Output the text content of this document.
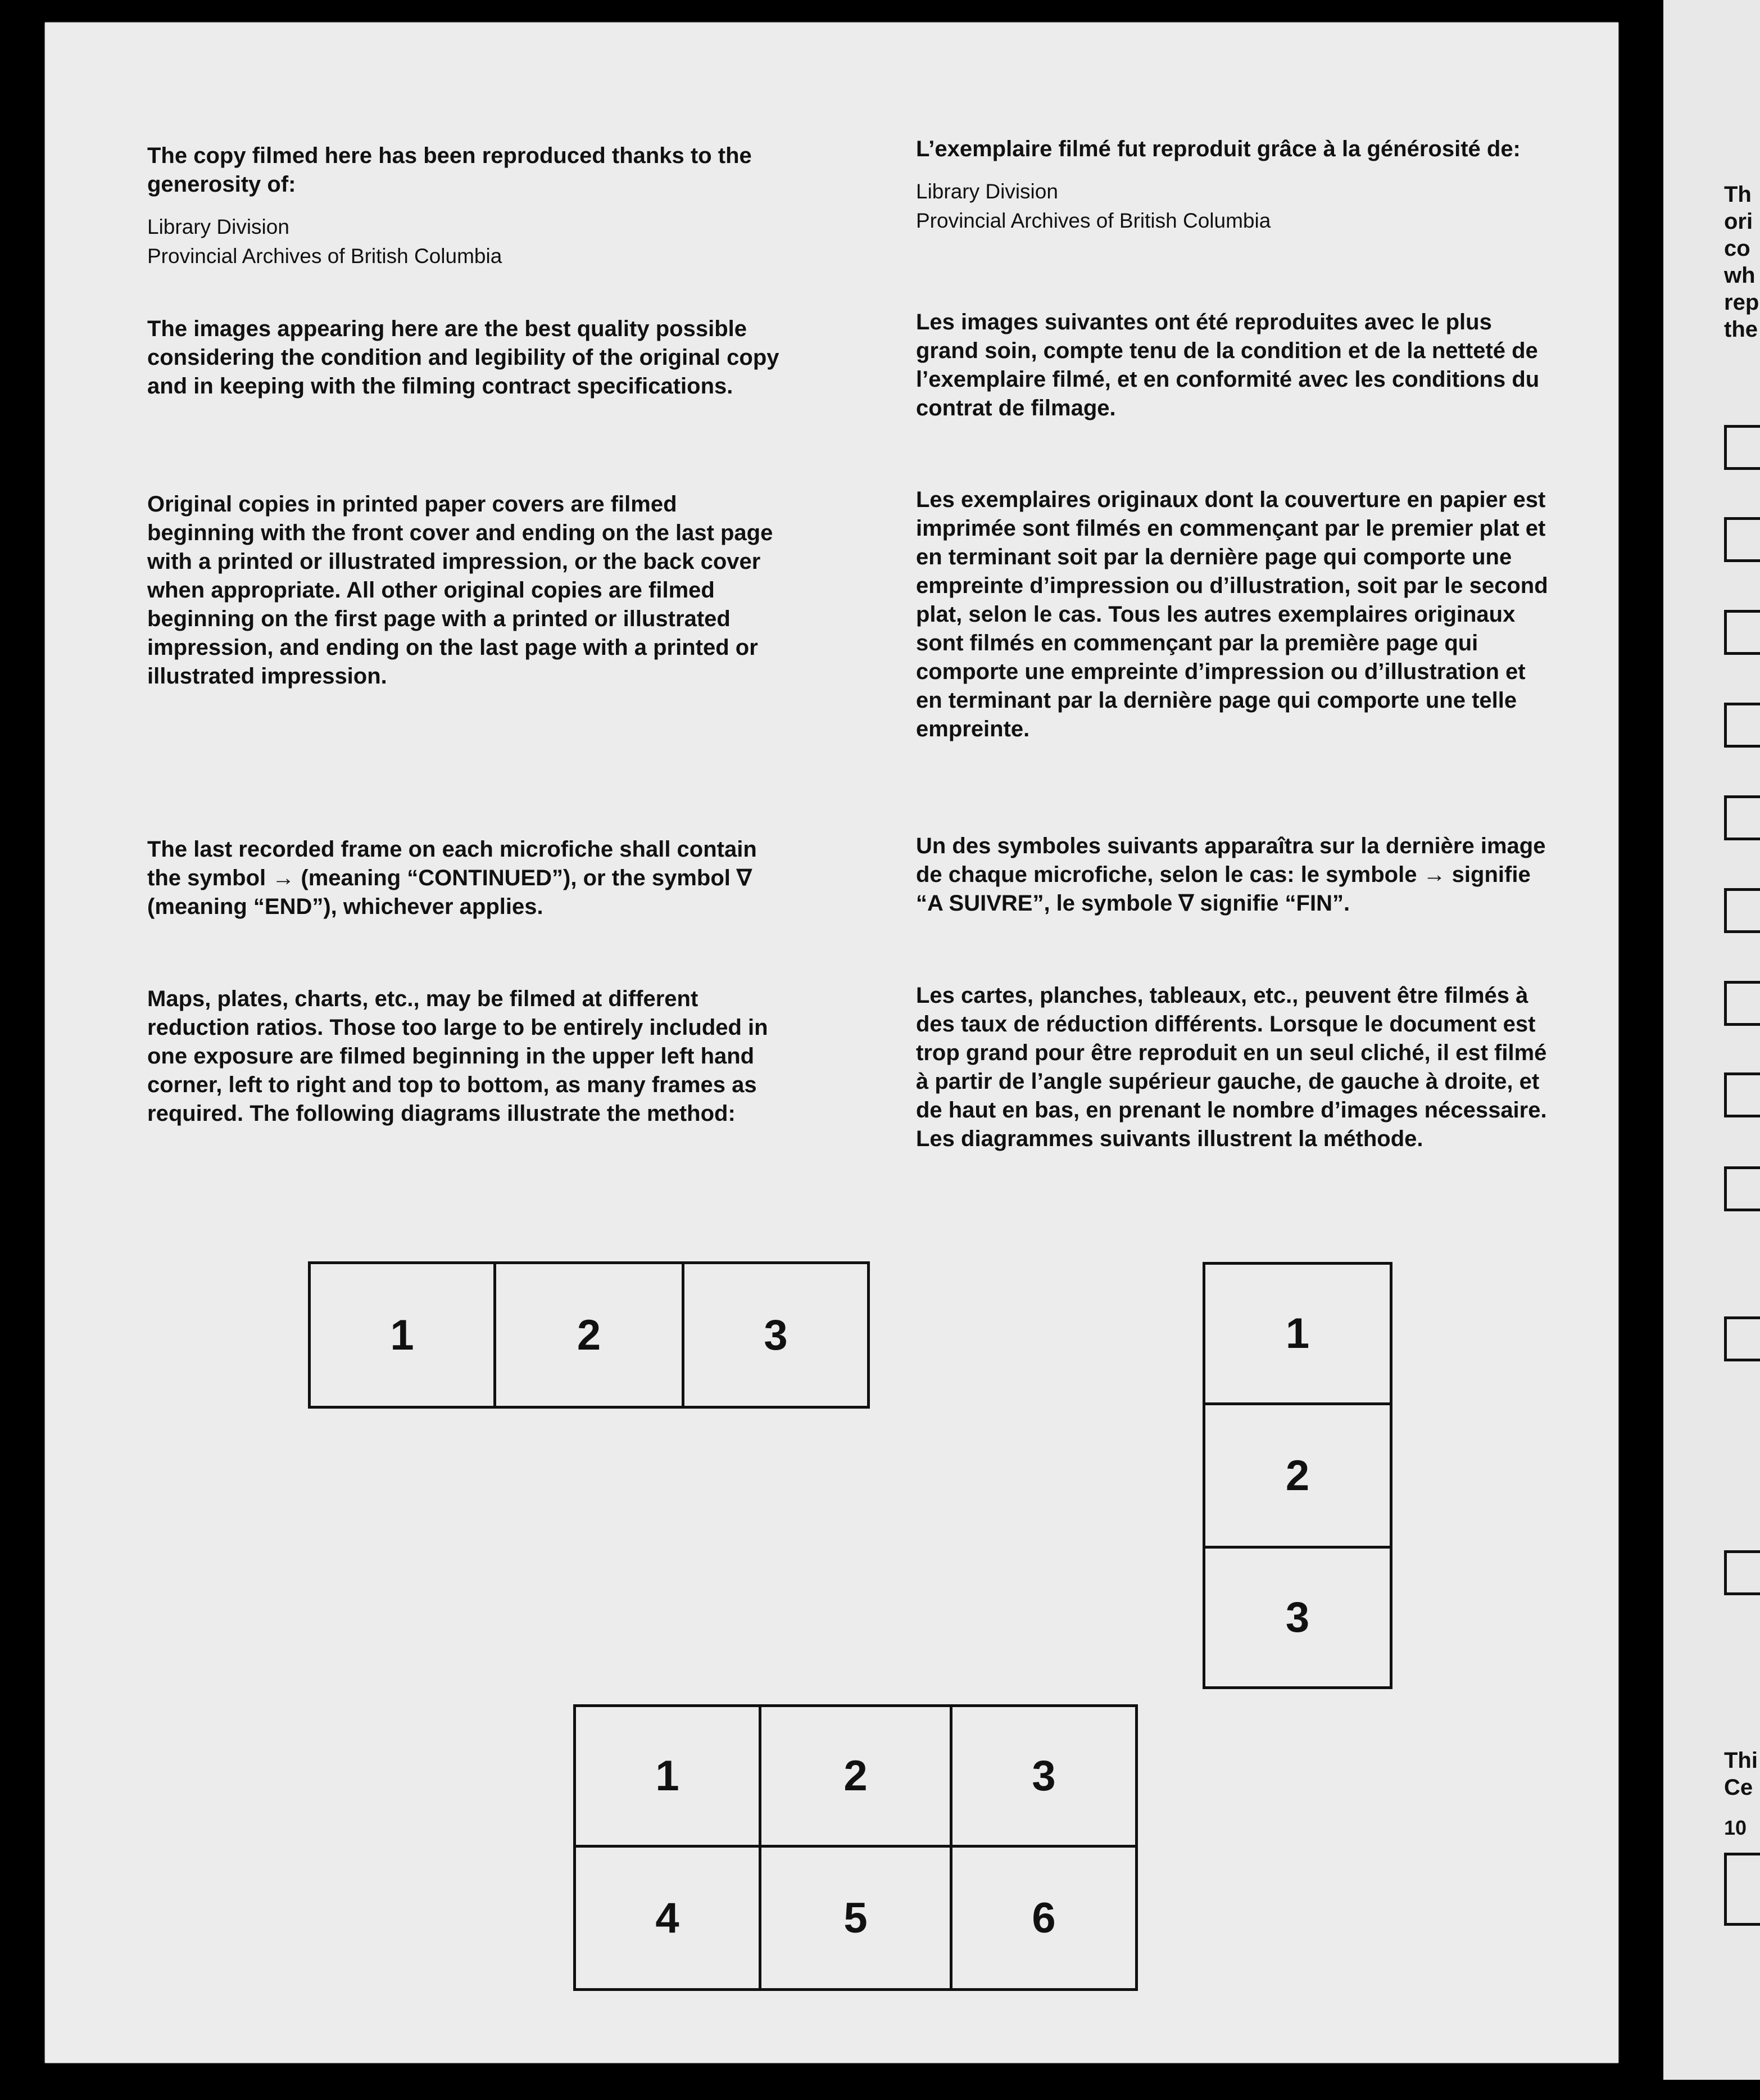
The copy filmed here has been reproduced thanks to the generosity of:

Library Division

Provincial Archives of British Columbia

The images appearing here are the best quality possible considering the condition and legibility of the original copy and in keeping with the filming contract specifications.

Original copies in printed paper covers are filmed beginning with the front cover and ending on the last page with a printed or illustrated impression, or the back cover when appropriate. All other original copies are filmed beginning on the first page with a printed or illustrated impression, and ending on the last page with a printed or illustrated impression.

The last recorded frame on each microfiche shall contain the symbol → (meaning “CONTINUED”), or the symbol ∇ (meaning “END”), whichever applies.

Maps, plates, charts, etc., may be filmed at different reduction ratios. Those too large to be entirely included in one exposure are filmed beginning in the upper left hand corner, left to right and top to bottom, as many frames as required. The following diagrams illustrate the method:

L’exemplaire filmé fut reproduit grâce à la générosité de:

Library Division

Provincial Archives of British Columbia

Les images suivantes ont été reproduites avec le plus grand soin, compte tenu de la condition et de la netteté de l’exemplaire filmé, et en conformité avec les conditions du contrat de filmage.

Les exemplaires originaux dont la couverture en papier est imprimée sont filmés en commençant par le premier plat et en terminant soit par la dernière page qui comporte une empreinte d’impression ou d’illustration, soit par le second plat, selon le cas. Tous les autres exemplaires originaux sont filmés en commençant par la première page qui comporte une empreinte d’impression ou d’illustration et en terminant par la dernière page qui comporte une telle empreinte.

Un des symboles suivants apparaîtra sur la dernière image de chaque microfiche, selon le cas: le symbole → signifie “A SUIVRE”, le symbole ∇ signifie “FIN”.

Les cartes, planches, tableaux, etc., peuvent être filmés à des taux de réduction différents. Lorsque le document est trop grand pour être reproduit en un seul cliché, il est filmé à partir de l’angle supérieur gauche, de gauche à droite, et de haut en bas, en prenant le nombre d’images nécessaire. Les diagrammes suivants illustrent la méthode.

1	2	3	1
2
3
1	2	3
4	5	6
Th
ori
co
wh
rep
the
Thi
Ce
10
